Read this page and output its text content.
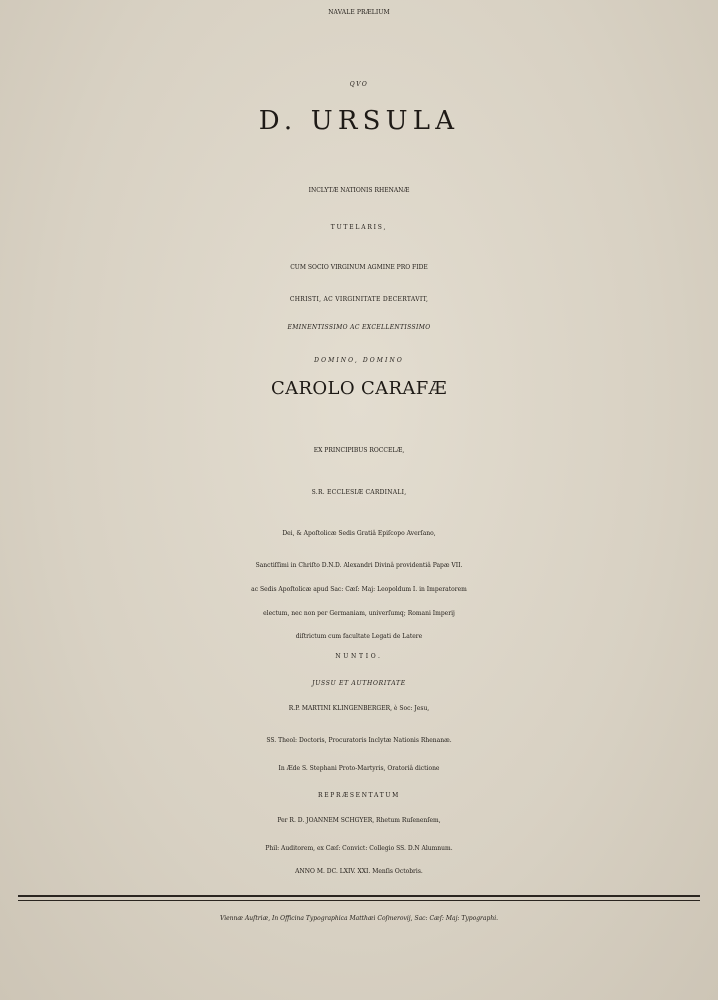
NAVALE PRÆLIUM
QVO
D. URSULA
INCLYTÆ NATIONIS RHENANÆ
TUTELARIS,
CUM SOCIO VIRGINUM AGMINE PRO FIDE
CHRISTI, AC VIRGINITATE DECERTAVIT,
EMINENTISSIMO AC EXCELLENTISSIMO
DOMINO, DOMINO
CAROLO CARAFÆ
EX PRINCIPIBUS ROCCELÆ,
S.R. ECCLESIÆ CARDINALI,
Dei, & Apoſtolicæ Sedis Gratiâ Epiſcopo Averſano,
Sanctiſſimi in Chriſto D.N.D. Alexandri Divinâ providentiâ Papæ VII.
ac Sedis Apoſtolicæ apud Sac: Cæſ: Maj: Leopoldum I. in Imperatorem
electum, nec non per Germaniam, univerſumq; Romani Imperij
diſtrictum cum facultate Legati de Latere
NUNTIO.
JUSSU ET AUTHORITATE
R.P. MARTINI KLINGENBERGER, è Soc: Jesu,
SS. Theol: Doctoris, Procuratoris Inclytæ Nationis Rhenanæ.
In Æde S. Stephani Proto-Martyris, Oratoriâ dictione
REPRÆSENTATUM
Per R. D. JOANNEM SCHGYER, Rhetum Ruſenenſem,
Phil: Auditorem, ex Cæſ: Convict: Collegio SS. D.N Alumnum.
ANNO M. DC. LXIV. XXI. Menſis Octobris.
Viennæ Auſtriæ, In Officina Typographica Matthæi Coſmerovij, Sac: Cæſ: Maj: Typographi.
